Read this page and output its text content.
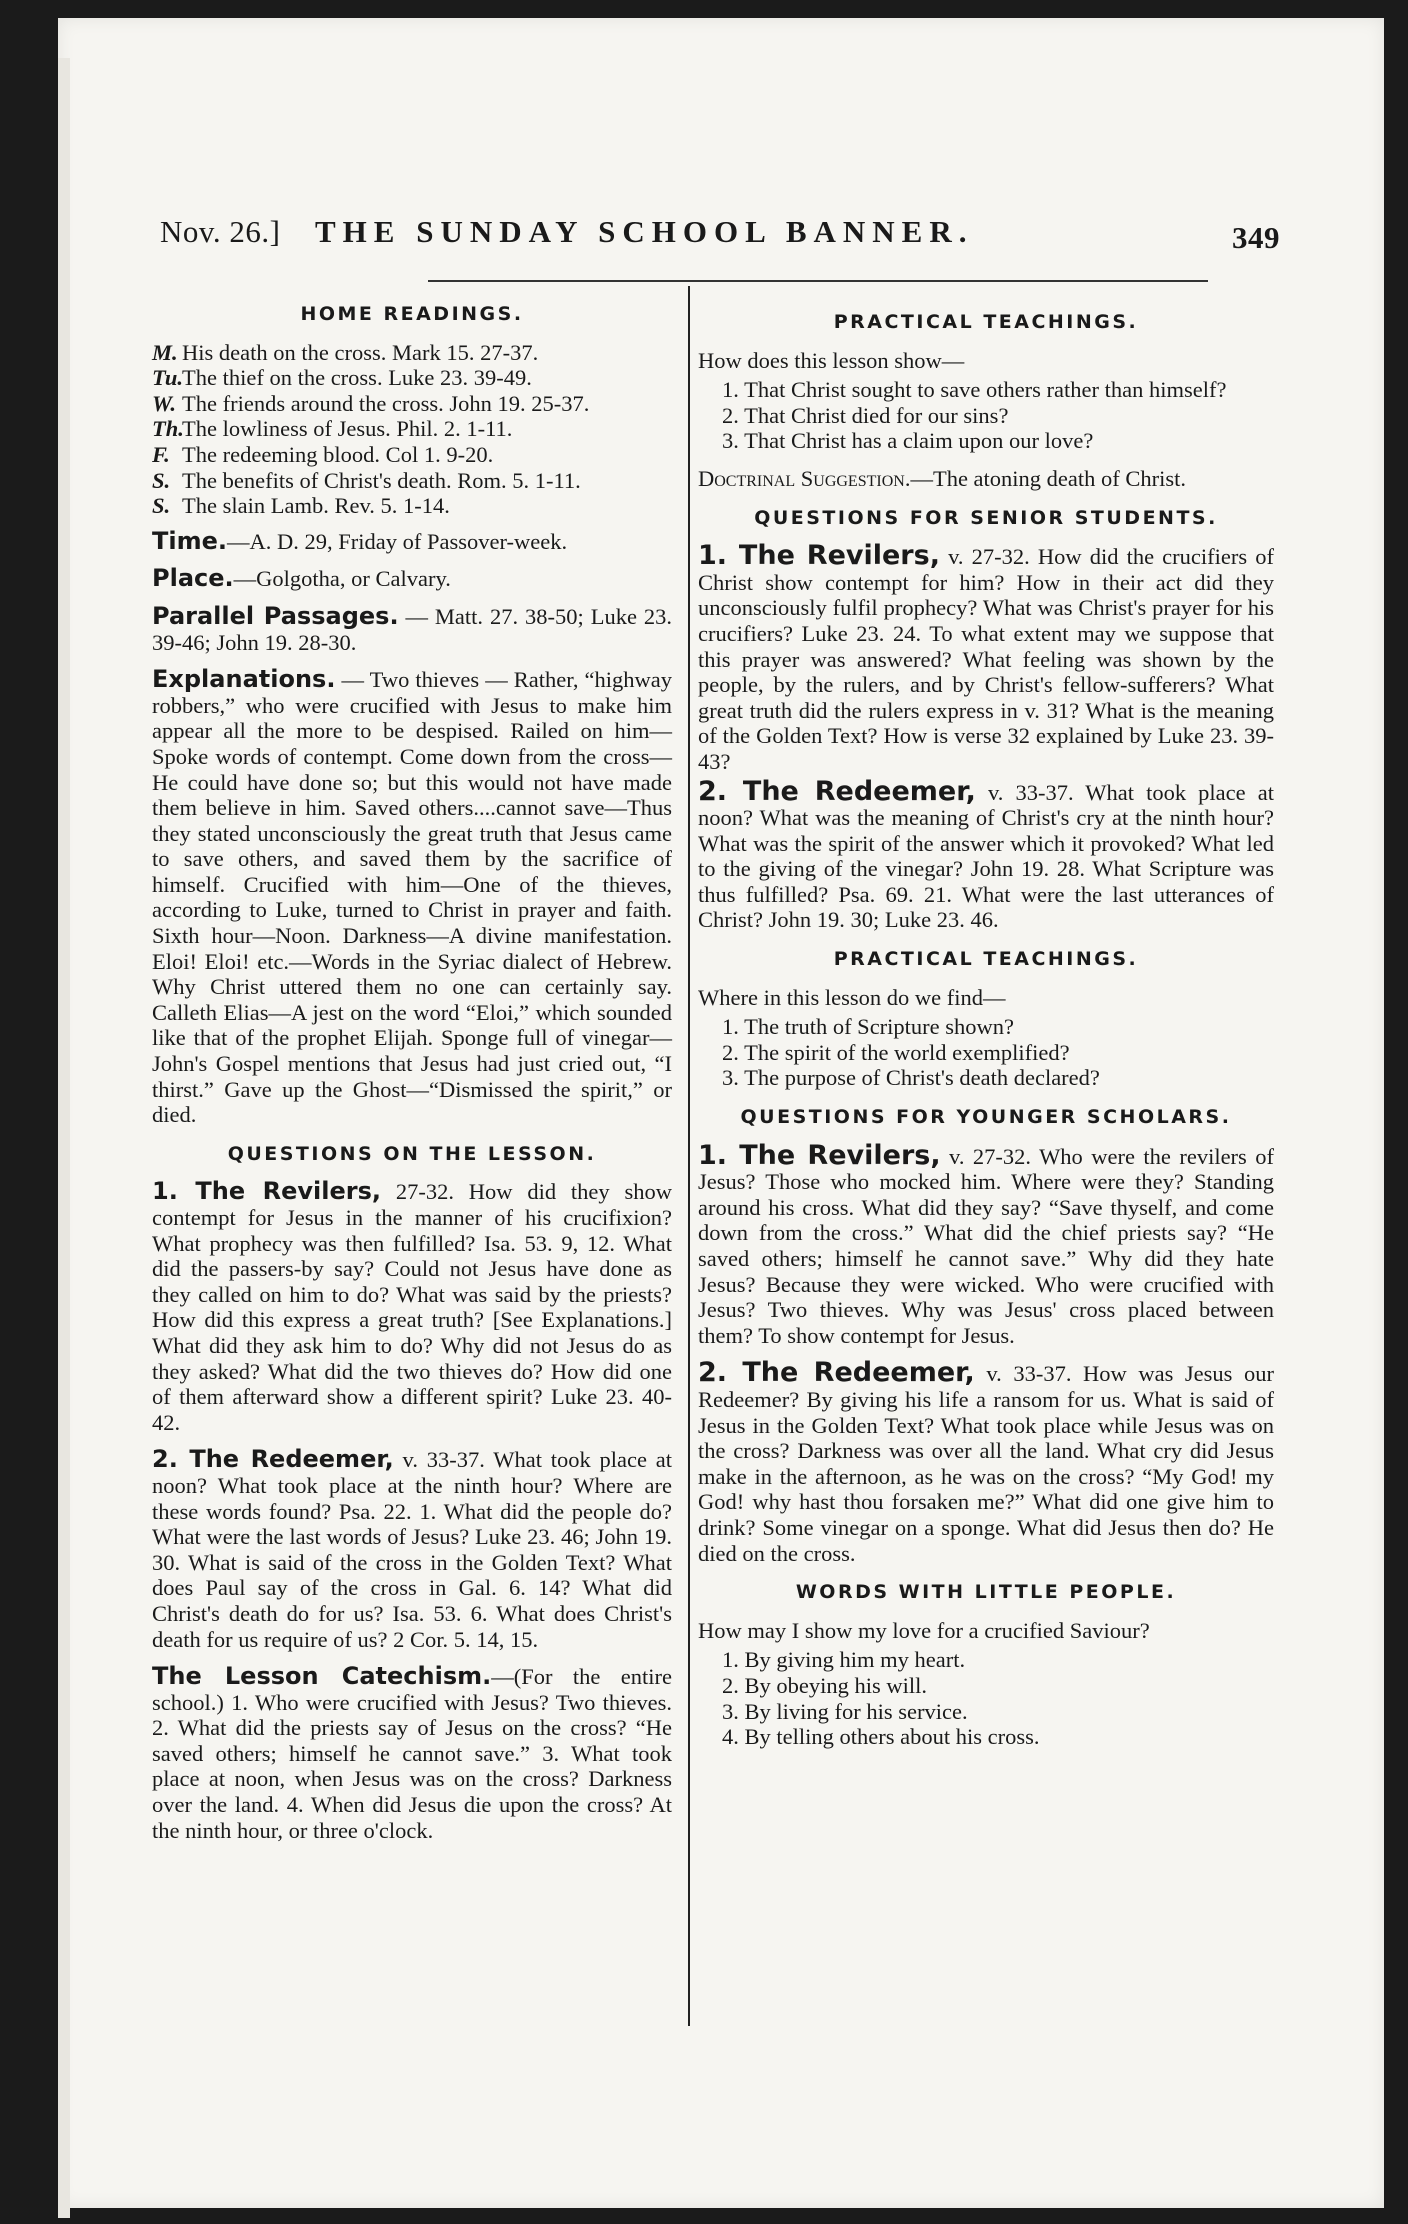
Nov. 26.] THE SUNDAY SCHOOL BANNER.	349
HOME READINGS.
M. His death on the cross. Mark 15. 27-37.
Tu.The thief on the cross. Luke 23. 39-49.
W. The friends around the cross. John 19. 25-37.
Th.The lowliness of Jesus. Phil. 2. 1-11.
F. The redeeming blood. Col 1. 9-20.
S. The benefits of Christ's death. Rom. 5. 1-11.
S. The slain Lamb. Rev. 5. 1-14.

Time.—A. D. 29, Friday of Passover-week.

Place.—Golgotha, or Calvary.

Parallel Passages. — Matt. 27. 38-50; Luke 23. 39-46; John 19. 28-30.

Explanations. — Two thieves — Rather, “highway robbers,” who were crucified with Jesus to make him appear all the more to be despised. Railed on him—Spoke words of contempt. Come down from the cross—He could have done so; but this would not have made them believe in him. Saved others....cannot save—Thus they stated unconsciously the great truth that Jesus came to save others, and saved them by the sacrifice of himself. Crucified with him—One of the thieves, according to Luke, turned to Christ in prayer and faith. Sixth hour—Noon. Darkness—A divine manifestation. Eloi! Eloi! etc.—Words in the Syriac dialect of Hebrew. Why Christ uttered them no one can certainly say. Calleth Elias—A jest on the word “Eloi,” which sounded like that of the prophet Elijah. Sponge full of vinegar—John's Gospel mentions that Jesus had just cried out, “I thirst.” Gave up the Ghost—“Dismissed the spirit,” or died.

QUESTIONS ON THE LESSON.

1. The Revilers, 27-32. How did they show contempt for Jesus in the manner of his crucifixion? What prophecy was then fulfilled? Isa. 53. 9, 12. What did the passers-by say? Could not Jesus have done as they called on him to do? What was said by the priests? How did this express a great truth? [See Explanations.] What did they ask him to do? Why did not Jesus do as they asked? What did the two thieves do? How did one of them afterward show a different spirit? Luke 23. 40-42.

2. The Redeemer, v. 33-37. What took place at noon? What took place at the ninth hour? Where are these words found? Psa. 22. 1. What did the people do? What were the last words of Jesus? Luke 23. 46; John 19. 30. What is said of the cross in the Golden Text? What does Paul say of the cross in Gal. 6. 14? What did Christ's death do for us? Isa. 53. 6. What does Christ's death for us require of us? 2 Cor. 5. 14, 15.

The Lesson Catechism.—(For the entire school.) 1. Who were crucified with Jesus? Two thieves. 2. What did the priests say of Jesus on the cross? “He saved others; himself he cannot save.” 3. What took place at noon, when Jesus was on the cross? Darkness over the land. 4. When did Jesus die upon the cross? At the ninth hour, or three o'clock.

PRACTICAL TEACHINGS.
How does this lesson show—
1. That Christ sought to save others rather than himself?
2. That Christ died for our sins?
3. That Christ has a claim upon our love?

Doctrinal Suggestion.—The atoning death of Christ.

QUESTIONS FOR SENIOR STUDENTS.

1. The Revilers, v. 27-32. How did the crucifiers of Christ show contempt for him? How in their act did they unconsciously fulfil prophecy? What was Christ's prayer for his crucifiers? Luke 23. 24. To what extent may we suppose that this prayer was answered? What feeling was shown by the people, by the rulers, and by Christ's fellow-sufferers? What great truth did the rulers express in v. 31? What is the meaning of the Golden Text? How is verse 32 explained by Luke 23. 39-43?

2. The Redeemer, v. 33-37. What took place at noon? What was the meaning of Christ's cry at the ninth hour? What was the spirit of the answer which it provoked? What led to the giving of the vinegar? John 19. 28. What Scripture was thus fulfilled? Psa. 69. 21. What were the last utterances of Christ? John 19. 30; Luke 23. 46.

PRACTICAL TEACHINGS.
Where in this lesson do we find—
1. The truth of Scripture shown?
2. The spirit of the world exemplified?
3. The purpose of Christ's death declared?
QUESTIONS FOR YOUNGER SCHOLARS.

1. The Revilers, v. 27-32. Who were the revilers of Jesus? Those who mocked him. Where were they? Standing around his cross. What did they say? “Save thyself, and come down from the cross.” What did the chief priests say? “He saved others; himself he cannot save.” Why did they hate Jesus? Because they were wicked. Who were crucified with Jesus? Two thieves. Why was Jesus' cross placed between them? To show contempt for Jesus.

2. The Redeemer, v. 33-37. How was Jesus our Redeemer? By giving his life a ransom for us. What is said of Jesus in the Golden Text? What took place while Jesus was on the cross? Darkness was over all the land. What cry did Jesus make in the afternoon, as he was on the cross? “My God! my God! why hast thou forsaken me?” What did one give him to drink? Some vinegar on a sponge. What did Jesus then do? He died on the cross.

WORDS WITH LITTLE PEOPLE.
How may I show my love for a crucified Saviour?
1. By giving him my heart.
2. By obeying his will.
3. By living for his service.
4. By telling others about his cross.
